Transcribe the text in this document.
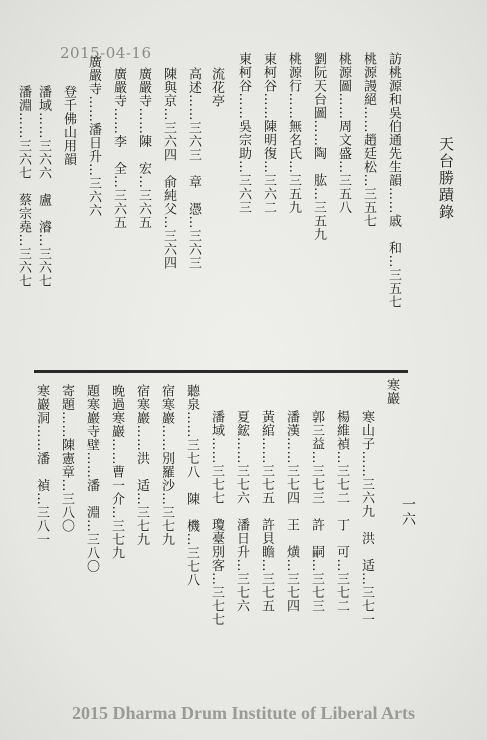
2015-04-16
天台勝蹟錄
一六
訪桃源和吳伯通先生韻……戚　和…三五七
桃源謾絕……趙廷松…三五七
桃源圖……周文盛…三五八
劉阮天台圖……陶　肱…三五九
桃源行……無名氏…三五九
東柯谷……陳明復…三六二
東柯谷……吳宗助…三六三
流花亭
高述……三六三　章　憑…三六三
陳與京…三六四　俞純父…三六四
廣嚴寺……陳　宏…三六五
廣嚴寺……李　全…三六五
廣嚴寺……潘日升…三六六
登千佛山用韻
潘域……三六六　盧　濬…三六七
潘淵……三六七　蔡宗堯…三六七
寒巖
寒山子……三六九　洪　适…三七一
楊維禎…三七二　丁　可…三七二
郭三益…三七三　許　嗣…三七三
潘漢……三七四　王　熿…三七四
黃綰……三七五　許貝瞻…三七五
夏鋐……三七六　潘日升…三七六
潘域……三七七　瓊臺別客…三七七
聽泉……三七八　陳　機…三七八
宿寒巖……別羅沙…三七九
宿寒巖……洪　适…三七九
晚過寒巖……曹一介…三七九
題寒巖寺壁……潘　淵…三八〇
寄題……陳憲章…三八〇
寒巖洞……潘　禎…三八一
2015 Dharma Drum Institute of Liberal Arts
